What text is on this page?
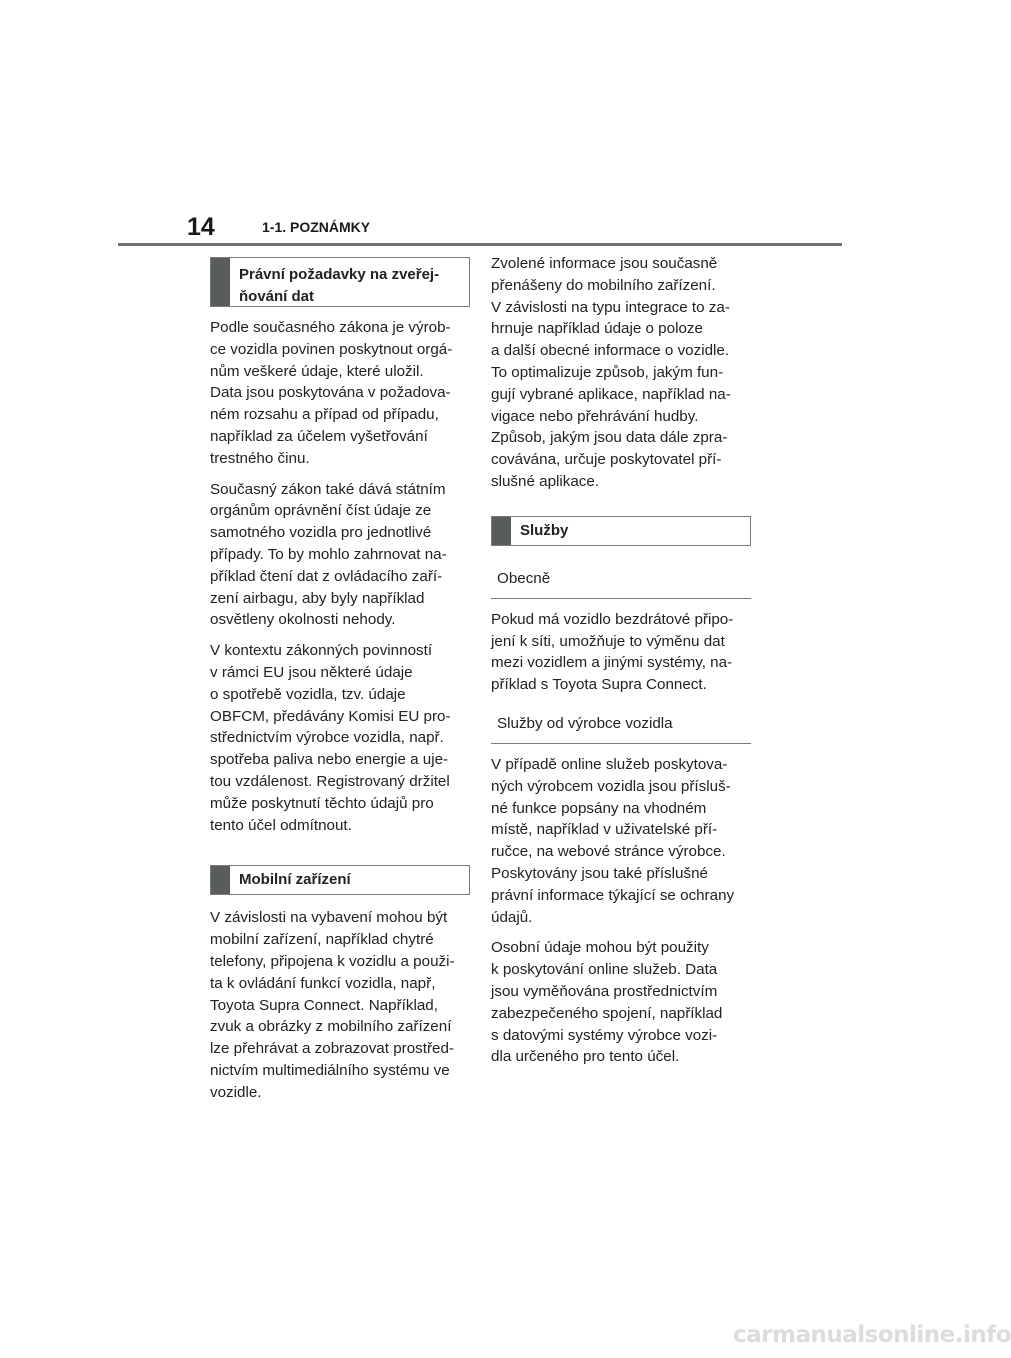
14	1-1. POZNÁMKY
Právní požadavky na zveřej-
ňování dat

Podle současného zákona je výrob-
ce vozidla povinen poskytnout orgá-
nům veškeré údaje, které uložil.
Data jsou poskytována v požadova-
ném rozsahu a případ od případu,
například za účelem vyšetřování
trestného činu.

Současný zákon také dává státním
orgánům oprávnění číst údaje ze
samotného vozidla pro jednotlivé
případy. To by mohlo zahrnovat na-
příklad čtení dat z ovládacího zaří-
zení airbagu, aby byly například
osvětleny okolnosti nehody.

V kontextu zákonných povinností
v rámci EU jsou některé údaje
o spotřebě vozidla, tzv. údaje
OBFCM, předávány Komisi EU pro-
střednictvím výrobce vozidla, např.
spotřeba paliva nebo energie a uje-
tou vzdálenost. Registrovaný držitel
může poskytnutí těchto údajů pro
tento účel odmítnout.

Mobilní zařízení

V závislosti na vybavení mohou být
mobilní zařízení, například chytré
telefony, připojena k vozidlu a použi-
ta k ovládání funkcí vozidla, např,
Toyota Supra Connect. Například,
zvuk a obrázky z mobilního zařízení
lze přehrávat a zobrazovat prostřed-
nictvím multimediálního systému ve
vozidle.

Zvolené informace jsou současně
přenášeny do mobilního zařízení.
V závislosti na typu integrace to za-
hrnuje například údaje o poloze
a další obecné informace o vozidle.
To optimalizuje způsob, jakým fun-
gují vybrané aplikace, například na-
vigace nebo přehrávání hudby.
Způsob, jakým jsou data dále zpra-
covávána, určuje poskytovatel pří-
slušné aplikace.

Služby
Obecně

Pokud má vozidlo bezdrátové připo-
jení k síti, umožňuje to výměnu dat
mezi vozidlem a jinými systémy, na-
příklad s Toyota Supra Connect.

Služby od výrobce vozidla

V případě online služeb poskytova-
ných výrobcem vozidla jsou přísluš-
né funkce popsány na vhodném
místě, například v uživatelské pří-
ručce, na webové stránce výrobce.
Poskytovány jsou také příslušné
právní informace týkající se ochrany
údajů.

Osobní údaje mohou být použity
k poskytování online služeb. Data
jsou vyměňována prostřednictvím
zabezpečeného spojení, například
s datovými systémy výrobce vozi-
dla určeného pro tento účel.

carmanualsonline.info
